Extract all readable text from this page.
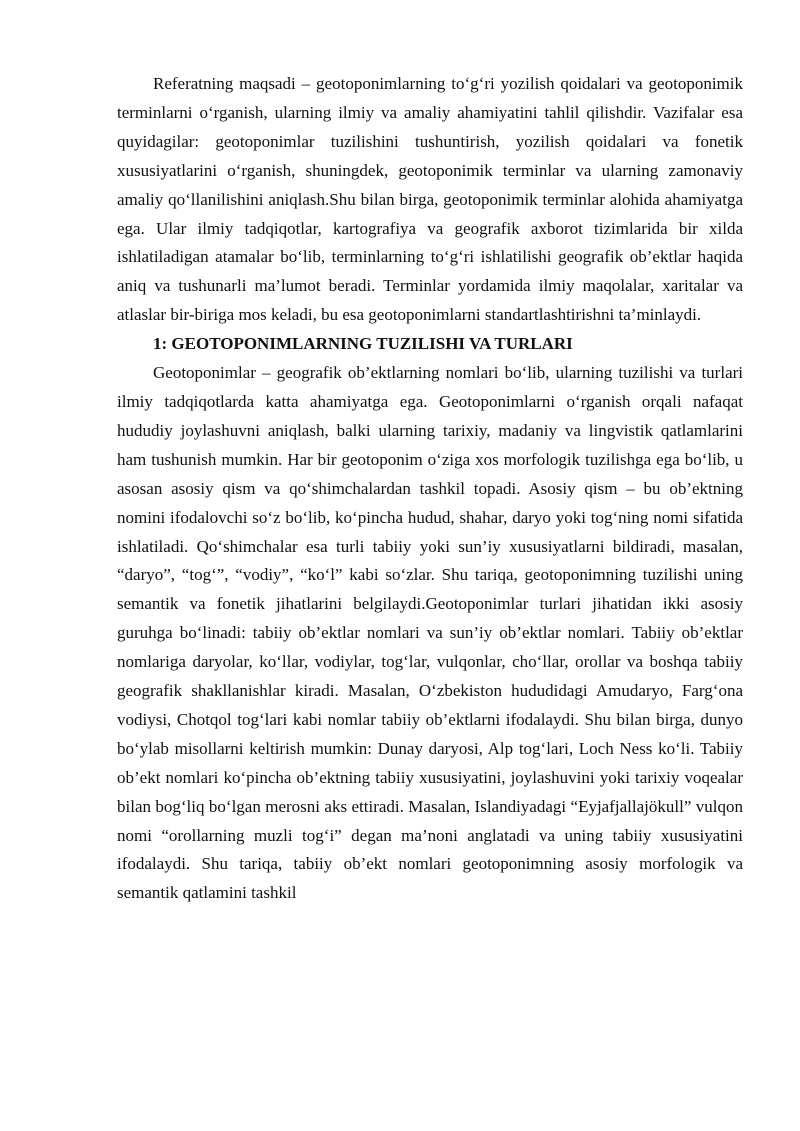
Referatning maqsadi – geotoponimlarning to‘g‘ri yozilish qoidalari va geotoponimik terminlarni o‘rganish, ularning ilmiy va amaliy ahamiyatini tahlil qilishdir. Vazifalar esa quyidagilar: geotoponimlar tuzilishini tushuntirish, yozilish qoidalari va fonetik xususiyatlarini o‘rganish, shuningdek, geotoponimik terminlar va ularning zamonaviy amaliy qo‘llanilishini aniqlash.Shu bilan birga, geotoponimik terminlar alohida ahamiyatga ega. Ular ilmiy tadqiqotlar, kartografiya va geografik axborot tizimlarida bir xilda ishlatiladigan atamalar bo‘lib, terminlarning to‘g‘ri ishlatilishi geografik ob’ektlar haqida aniq va tushunarli ma’lumot beradi. Terminlar yordamida ilmiy maqolalar, xaritalar va atlaslar bir-biriga mos keladi, bu esa geotoponimlarni standartlashtirishni ta’minlaydi.

1: GEOTOPONIMLARNING TUZILISHI VA TURLARI

Geotoponimlar – geografik ob’ektlarning nomlari bo‘lib, ularning tuzilishi va turlari ilmiy tadqiqotlarda katta ahamiyatga ega. Geotoponimlarni o‘rganish orqali nafaqat hududiy joylashuvni aniqlash, balki ularning tarixiy, madaniy va lingvistik qatlamlarini ham tushunish mumkin. Har bir geotoponim o‘ziga xos morfologik tuzilishga ega bo‘lib, u asosan asosiy qism va qo‘shimchalardan tashkil topadi. Asosiy qism – bu ob’ektning nomini ifodalovchi so‘z bo‘lib, ko‘pincha hudud, shahar, daryo yoki tog‘ning nomi sifatida ishlatiladi. Qo‘shimchalar esa turli tabiiy yoki sun’iy xususiyatlarni bildiradi, masalan, “daryo”, “tog‘”, “vodiy”, “ko‘l” kabi so‘zlar. Shu tariqa, geotoponimning tuzilishi uning semantik va fonetik jihatlarini belgilaydi.Geotoponimlar turlari jihatidan ikki asosiy guruhga bo‘linadi: tabiiy ob’ektlar nomlari va sun’iy ob’ektlar nomlari. Tabiiy ob’ektlar nomlariga daryolar, ko‘llar, vodiylar, tog‘lar, vulqonlar, cho‘llar, orollar va boshqa tabiiy geografik shakllanishlar kiradi. Masalan, O‘zbekiston hududidagi Amudaryo, Farg‘ona vodiysi, Chotqol tog‘lari kabi nomlar tabiiy ob’ektlarni ifodalaydi. Shu bilan birga, dunyo bo‘ylab misollarni keltirish mumkin: Dunay daryosi, Alp tog‘lari, Loch Ness ko‘li. Tabiiy ob’ekt nomlari ko‘pincha ob’ektning tabiiy xususiyatini, joylashuvini yoki tarixiy voqealar bilan bog‘liq bo‘lgan merosni aks ettiradi. Masalan, Islandiyadagi “Eyjafjallajökull” vulqon nomi “orollarning muzli tog‘i” degan ma’noni anglatadi va uning tabiiy xususiyatini ifodalaydi. Shu tariqa, tabiiy ob’ekt nomlari geotoponimning asosiy morfologik va semantik qatlamini tashkil
